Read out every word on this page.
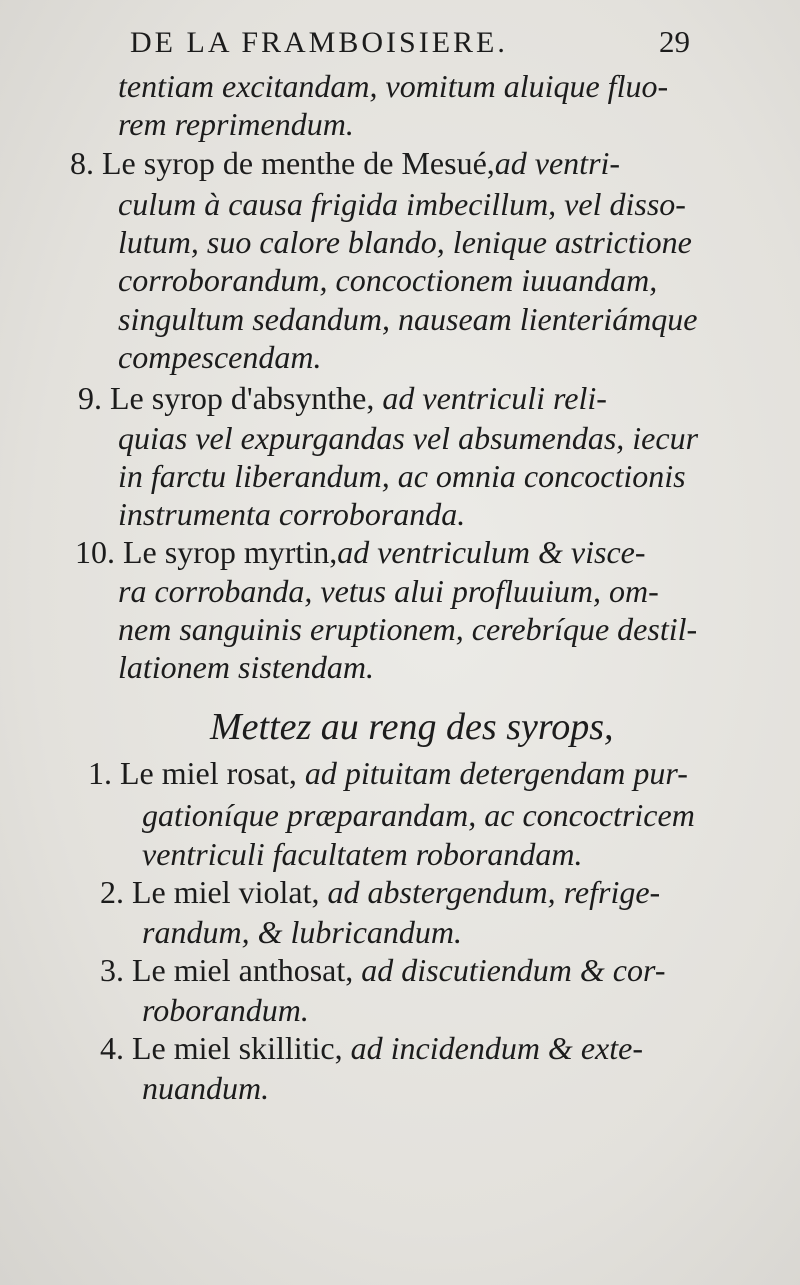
DE LA FRAMBOISIERE.	29
tentiam excitandam, vomitum aluique fluo-
rem reprimendum.
8. Le syrop de menthe de Mesué,ad ventri-
culum à causa frigida imbecillum, vel disso-
lutum, suo calore blando, lenique astrictione
corroborandum, concoctionem iuuandam,
singultum sedandum, nauseam lienteriámque
compescendam.
9. Le syrop d'absynthe, ad ventriculi reli-
quias vel expurgandas vel absumendas, iecur
in farctu liberandum, ac omnia concoctionis
instrumenta corroboranda.
10. Le syrop myrtin,ad ventriculum & visce-
ra corrobanda, vetus alui profluuium, om-
nem sanguinis eruptionem, cerebríque destil-
lationem sistendam.
Mettez au reng des syrops,
1. Le miel rosat, ad pituitam detergendam pur-
gationíque præparandam, ac concoctricem
ventriculi facultatem roborandam.
2. Le miel violat, ad abstergendum, refrige-
randum, & lubricandum.
3. Le miel anthosat, ad discutiendum & cor-
roborandum.
4. Le miel skillitic, ad incidendum & exte-
nuandum.
